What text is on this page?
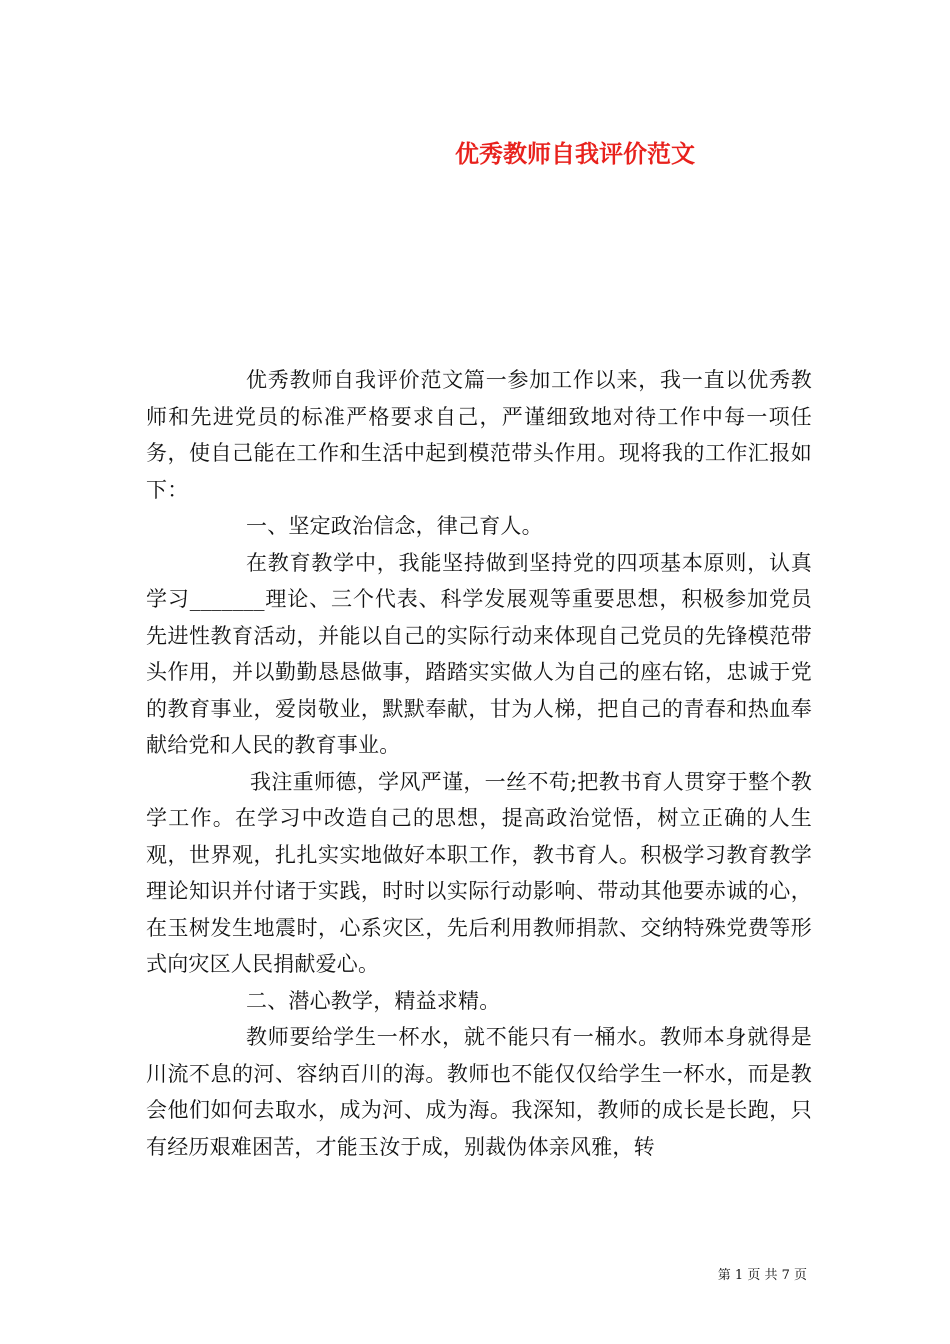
优秀教师自我评价范文

优秀教师自我评价范文篇一参加工作以来，我一直以优秀教师和先进党员的标准严格要求自己，严谨细致地对待工作中每一项任务，使自己能在工作和生活中起到模范带头作用。现将我的工作汇报如下：

一、坚定政治信念，律己育人。

在教育教学中，我能坚持做到坚持党的四项基本原则，认真学习_______理论、三个代表、科学发展观等重要思想，积极参加党员先进性教育活动，并能以自己的实际行动来体现自己党员的先锋模范带头作用，并以勤勤恳恳做事，踏踏实实做人为自己的座右铭，忠诚于党的教育事业，爱岗敬业，默默奉献，甘为人梯，把自己的青春和热血奉献给党和人民的教育事业。

我注重师德，学风严谨，一丝不苟;把教书育人贯穿于整个教学工作。在学习中改造自己的思想，提高政治觉悟，树立正确的人生观，世界观，扎扎实实地做好本职工作，教书育人。积极学习教育教学理论知识并付诸于实践，时时以实际行动影响、带动其他要赤诚的心，在玉树发生地震时，心系灾区，先后利用教师捐款、交纳特殊党费等形式向灾区人民捐献爱心。

二、潜心教学，精益求精。

教师要给学生一杯水，就不能只有一桶水。教师本身就得是川流不息的河、容纳百川的海。教师也不能仅仅给学生一杯水，而是教会他们如何去取水，成为河、成为海。我深知，教师的成长是长跑，只有经历艰难困苦，才能玉汝于成，别裁伪体亲风雅，转

第 1 页 共 7 页
